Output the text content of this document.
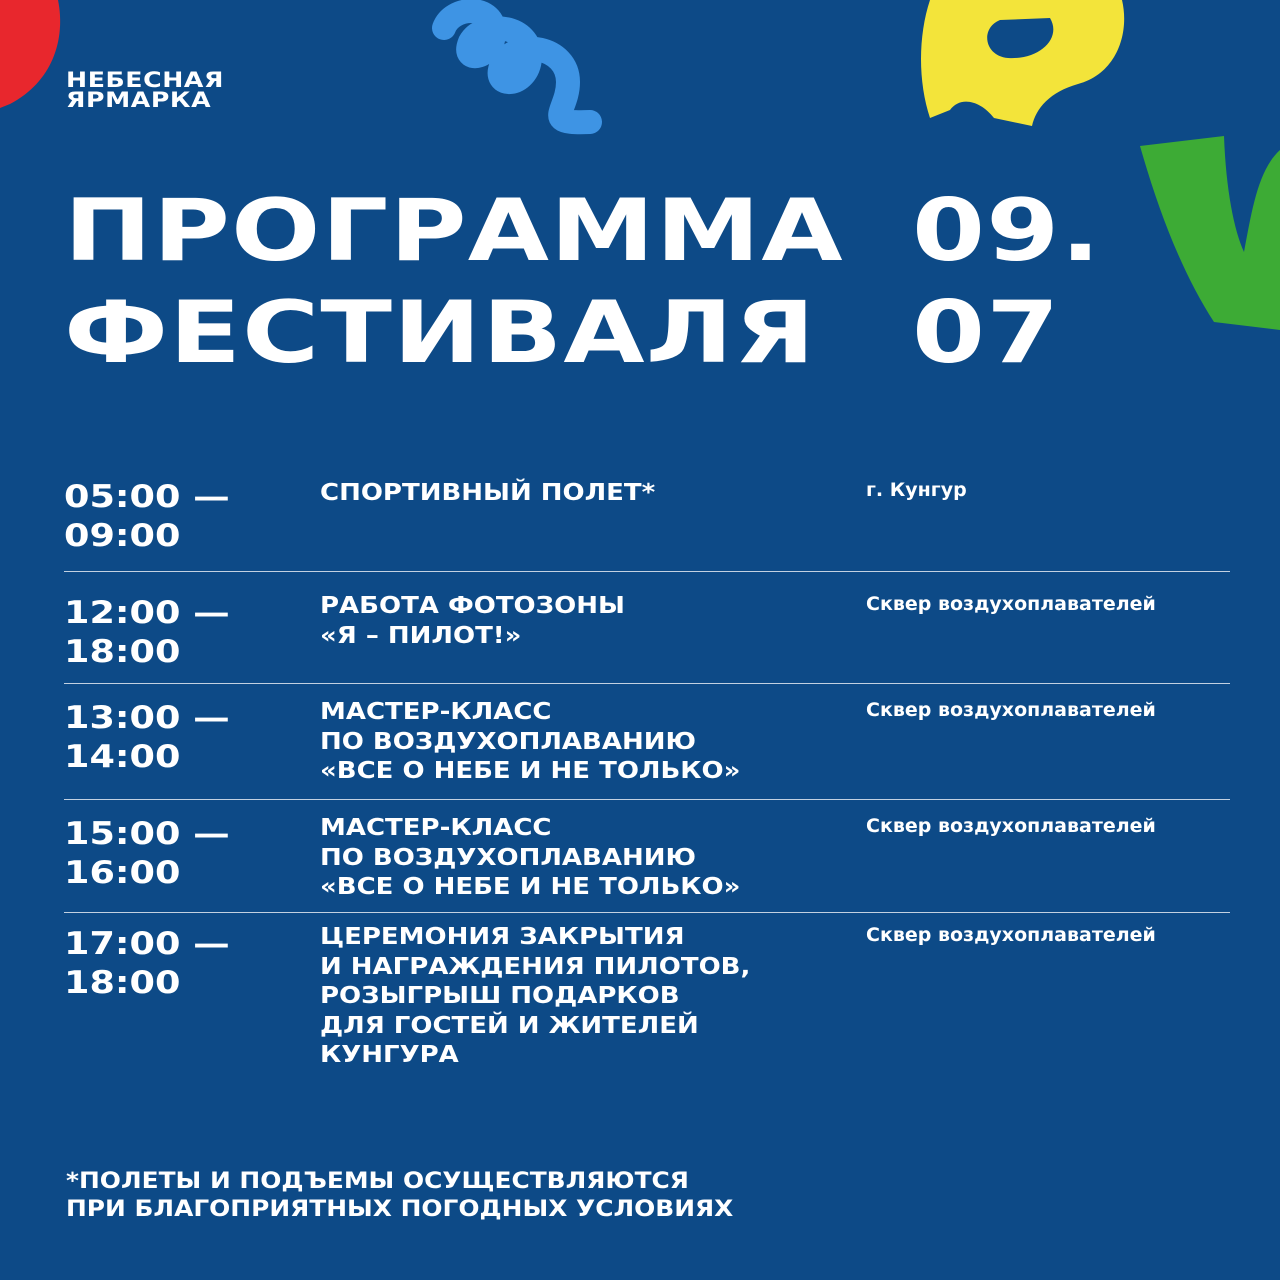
НЕБЕСНАЯ
ЯРМАРКА
ПРОГРАММА
ФЕСТИВАЛЯ
09.
07
05:00 —
09:00
СПОРТИВНЫЙ ПОЛЕТ*	г. Кунгур
12:00 —
18:00
РАБОТА ФОТОЗОНЫ
«Я – ПИЛОТ!»
Сквер воздухоплавателей
13:00 —
14:00
МАСТЕР-КЛАСС
ПО ВОЗДУХОПЛАВАНИЮ
«ВСЕ О НЕБЕ И НЕ ТОЛЬКО»
Сквер воздухоплавателей
15:00 —
16:00
МАСТЕР-КЛАСС
ПО ВОЗДУХОПЛАВАНИЮ
«ВСЕ О НЕБЕ И НЕ ТОЛЬКО»
Сквер воздухоплавателей
17:00 —
18:00
ЦЕРЕМОНИЯ ЗАКРЫТИЯ
И НАГРАЖДЕНИЯ ПИЛОТОВ,
РОЗЫГРЫШ ПОДАРКОВ
ДЛЯ ГОСТЕЙ И ЖИТЕЛЕЙ
КУНГУРА
Сквер воздухоплавателей
*ПОЛЕТЫ И ПОДЪЕМЫ ОСУЩЕСТВЛЯЮТСЯ
ПРИ БЛАГОПРИЯТНЫХ ПОГОДНЫХ УСЛОВИЯХ
